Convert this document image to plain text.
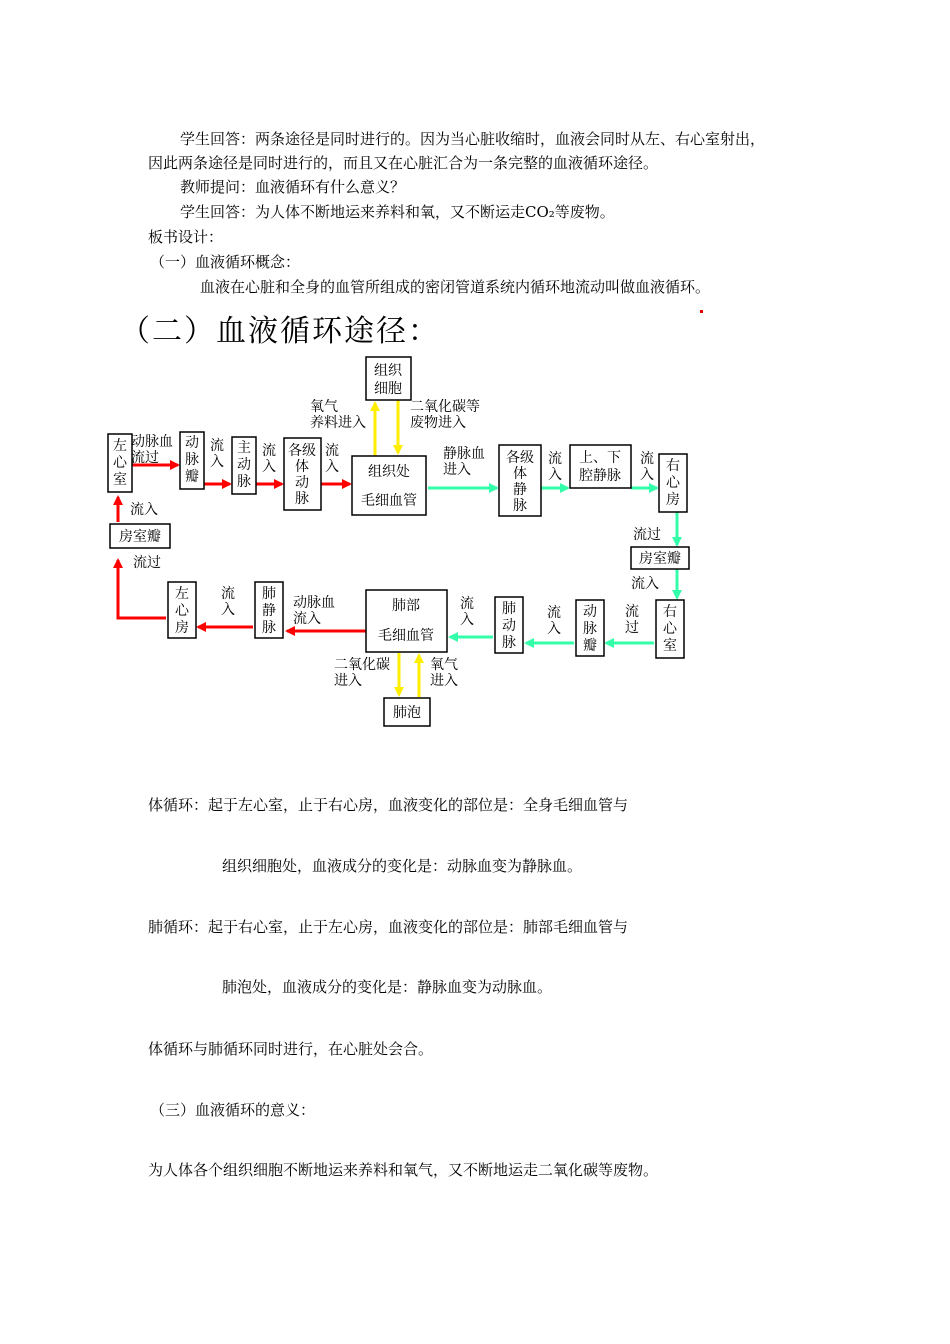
学生回答：两条途径是同时进行的。因为当心脏收缩时，血液会同时从左、右心室射出，
因此两条途径是同时进行的，而且又在心脏汇合为一条完整的血液循环途径。
教师提问：血液循环有什么意义？
学生回答：为人体不断地运来养料和氧，又不断运走CO₂等废物。
板书设计：
（一）血液循环概念：
血液在心脏和全身的血管所组成的密闭管道系统内循环地流动叫做血液循环。
（二）血液循环途径：
组织
细胞
左
心
室
动
脉
瓣
主
动
脉
各级
体
动
脉
组织处
毛细血管
各级
体
静
脉
上、下
腔静脉
右
心
房
房室瓣
右
心
室
动
脉
瓣
肺
动
脉
肺部
毛细血管
肺
静
脉
左
心
房
房室瓣
肺泡
动脉血
流过
流
入
流
入
流
入
氧气
养料进入
二氧化碳等
废物进入
静脉血
进入
流
入
流
入
流过
流入
流
过
流
入
流
入
动脉血
流入
流
入
二氧化碳
进入
氧气
进入
流入
流过
体循环：起于左心室，止于右心房，血液变化的部位是：全身毛细血管与
组织细胞处，血液成分的变化是：动脉血变为静脉血。
肺循环：起于右心室，止于左心房，血液变化的部位是：肺部毛细血管与
肺泡处，血液成分的变化是：静脉血变为动脉血。
体循环与肺循环同时进行，在心脏处会合。
（三）血液循环的意义：
为人体各个组织细胞不断地运来养料和氧气，又不断地运走二氧化碳等废物。
